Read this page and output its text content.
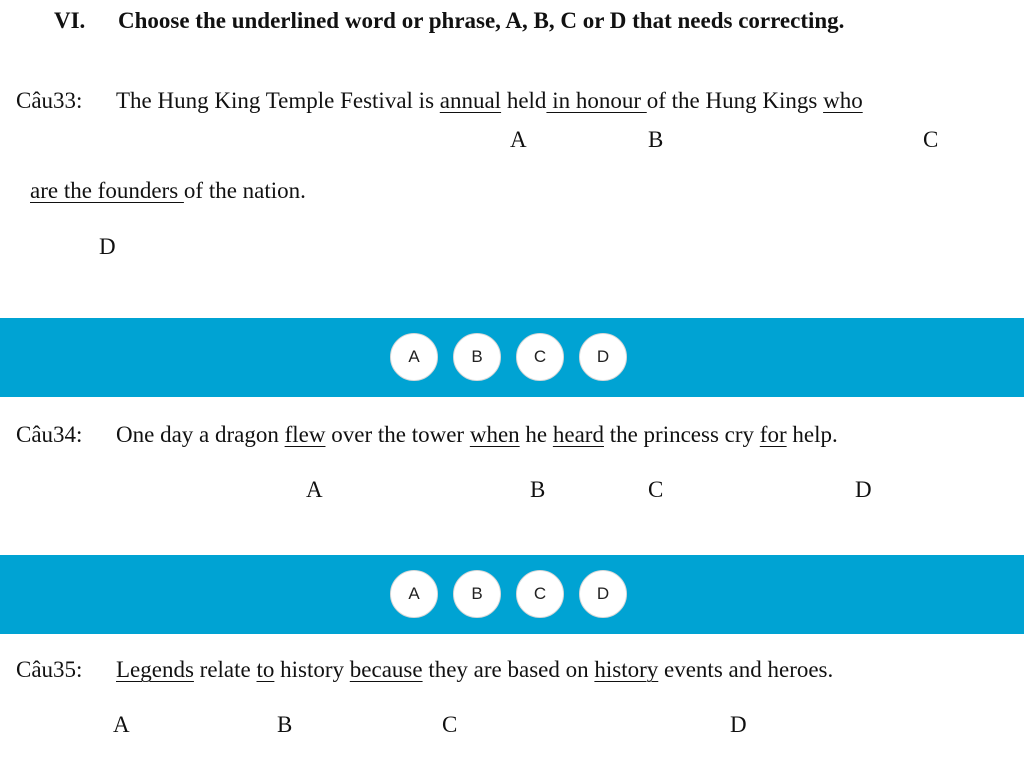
VI. Choose the underlined word or phrase, A, B, C or D that needs correcting.
Câu33: The Hung King Temple Festival is annual held in honour of the Hung Kings who
A	B	C
are the founders of the nation.
D
A	B	C	D
Câu34: One day a dragon flew over the tower when he heard the princess cry for help.
A	B	C	D
A	B	C	D
Câu35: Legends relate to history because they are based on history events and heroes.
A	B	C	D
